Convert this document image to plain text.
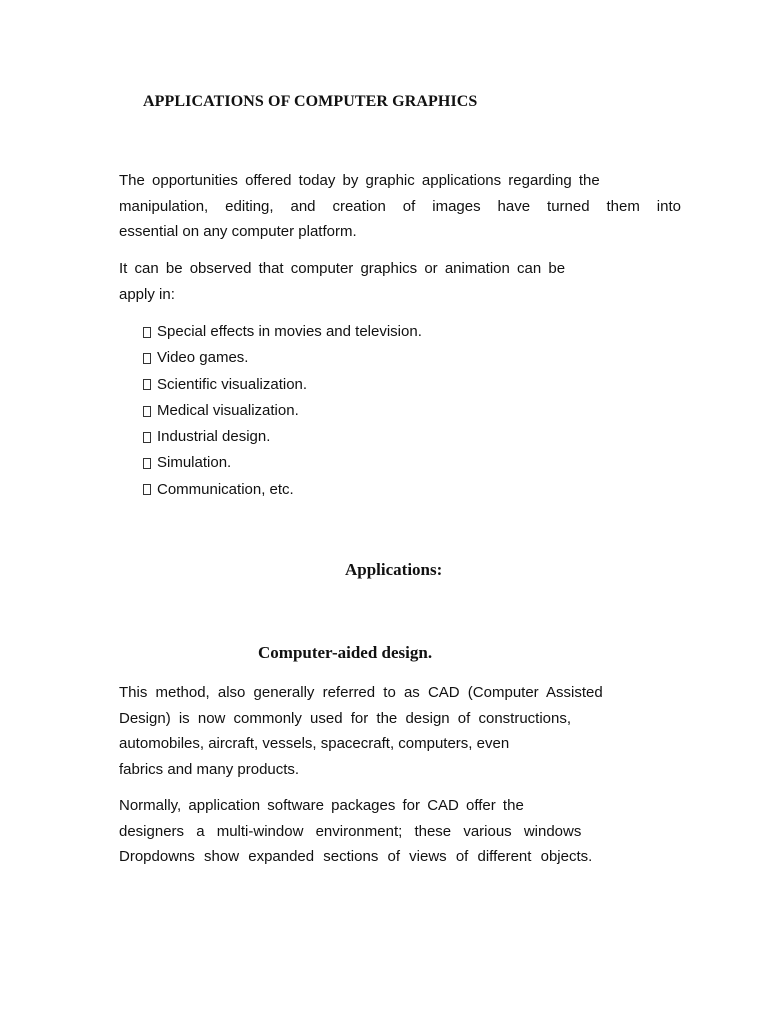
APPLICATIONS OF COMPUTER GRAPHICS

The opportunities offered today by graphic applications regarding the
manipulation, editing, and creation of images have turned them into
essential on any computer platform.

It can be observed that computer graphics or animation can be
apply in:

Special effects in movies and television.
Video games.
Scientific visualization.
Medical visualization.
Industrial design.
Simulation.
Communication, etc.
Applications:
Computer-aided design.

This method, also generally referred to as CAD (Computer Assisted
Design) is now commonly used for the design of constructions,
automobiles, aircraft, vessels, spacecraft, computers, even
fabrics and many products.

Normally, application software packages for CAD offer the
designers a multi-window environment; these various windows
Dropdowns show expanded sections of views of different objects.
